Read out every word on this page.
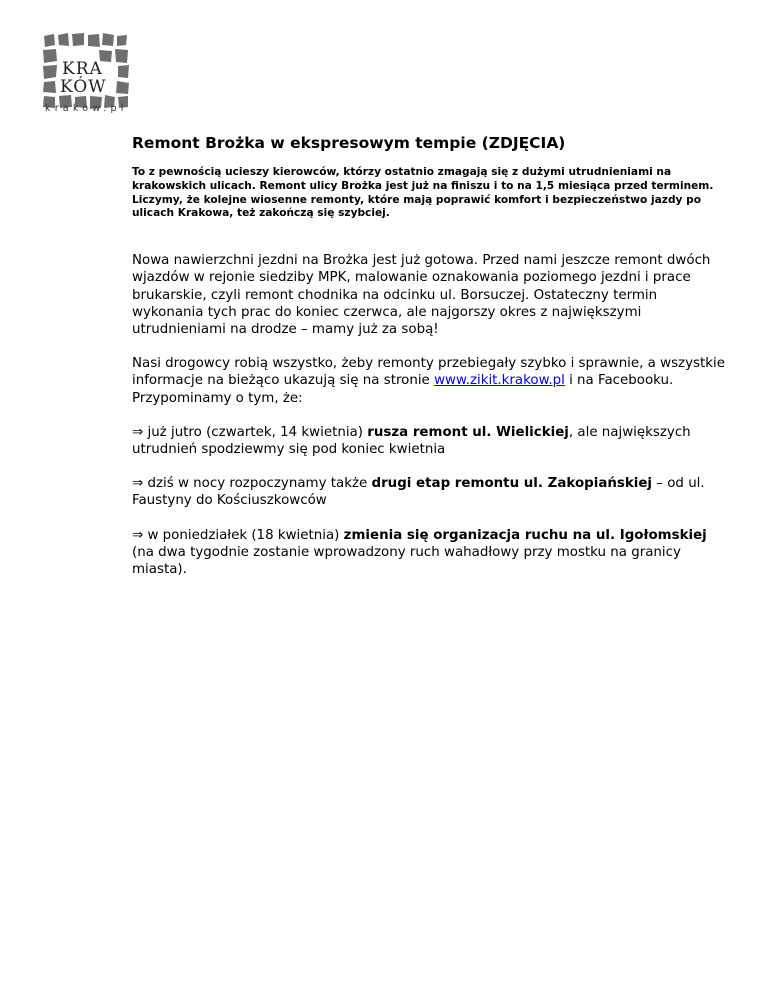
KRA
KÓW
krakow.pl
Remont Brożka w ekspresowym tempie (ZDJĘCIA)

To z pewnością ucieszy kierowców, którzy ostatnio zmagają się z dużymi utrudnieniami na krakowskich ulicach. Remont ulicy Brożka jest już na finiszu i to na 1,5 miesiąca przed terminem. Liczymy, że kolejne wiosenne remonty, które mają poprawić komfort i bezpieczeństwo jazdy po ulicach Krakowa, też zakończą się szybciej.

Nowa nawierzchni jezdni na Brożka jest już gotowa. Przed nami jeszcze remont dwóch wjazdów w rejonie siedziby MPK, malowanie oznakowania poziomego jezdni i prace brukarskie, czyli remont chodnika na odcinku ul. Borsuczej. Ostateczny termin wykonania tych prac do koniec czerwca, ale najgorszy okres z największymi utrudnieniami na drodze – mamy już za sobą!

Nasi drogowcy robią wszystko, żeby remonty przebiegały szybko i sprawnie, a wszystkie informacje na bieżąco ukazują się na stronie www.zikit.krakow.pl i na Facebooku. Przypominamy o tym, że:

⇒ już jutro (czwartek, 14 kwietnia) rusza remont ul. Wielickiej, ale największych utrudnień spodziewmy się pod koniec kwietnia

⇒ dziś w nocy rozpoczynamy także drugi etap remontu ul. Zakopiańskiej – od ul. Faustyny do Kościuszkowców

⇒ w poniedziałek (18 kwietnia) zmienia się organizacja ruchu na ul. Igołomskiej (na dwa tygodnie zostanie wprowadzony ruch wahadłowy przy mostku na granicy miasta).
